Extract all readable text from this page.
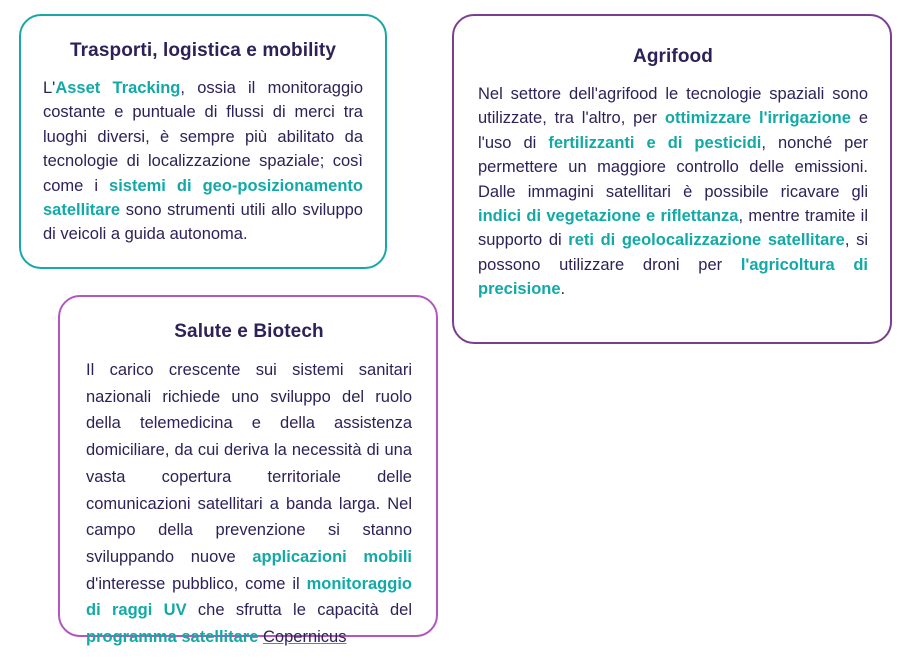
Trasporti, logistica e mobility
L'Asset Tracking, ossia il monitoraggio costante e puntuale di flussi di merci tra luoghi diversi, è sempre più abilitato da tecnologie di localizzazione spaziale; così come i sistemi di geo-posizionamento satellitare sono strumenti utili allo sviluppo di veicoli a guida autonoma.
Agrifood
Nel settore dell'agrifood le tecnologie spaziali sono utilizzate, tra l'altro, per ottimizzare l'irrigazione e l'uso di fertilizzanti e di pesticidi, nonché per permettere un maggiore controllo delle emissioni. Dalle immagini satellitari è possibile ricavare gli indici di vegetazione e riflettanza, mentre tramite il supporto di reti di geolocalizzazione satellitare, si possono utilizzare droni per l'agricoltura di precisione.
Salute e Biotech
Il carico crescente sui sistemi sanitari nazionali richiede uno sviluppo del ruolo della telemedicina e della assistenza domiciliare, da cui deriva la necessità di una vasta copertura territoriale delle comunicazioni satellitari a banda larga. Nel campo della prevenzione si stanno sviluppando nuove applicazioni mobili d'interesse pubblico, come il monitoraggio di raggi UV che sfrutta le capacità del programma satellitare Copernicus
